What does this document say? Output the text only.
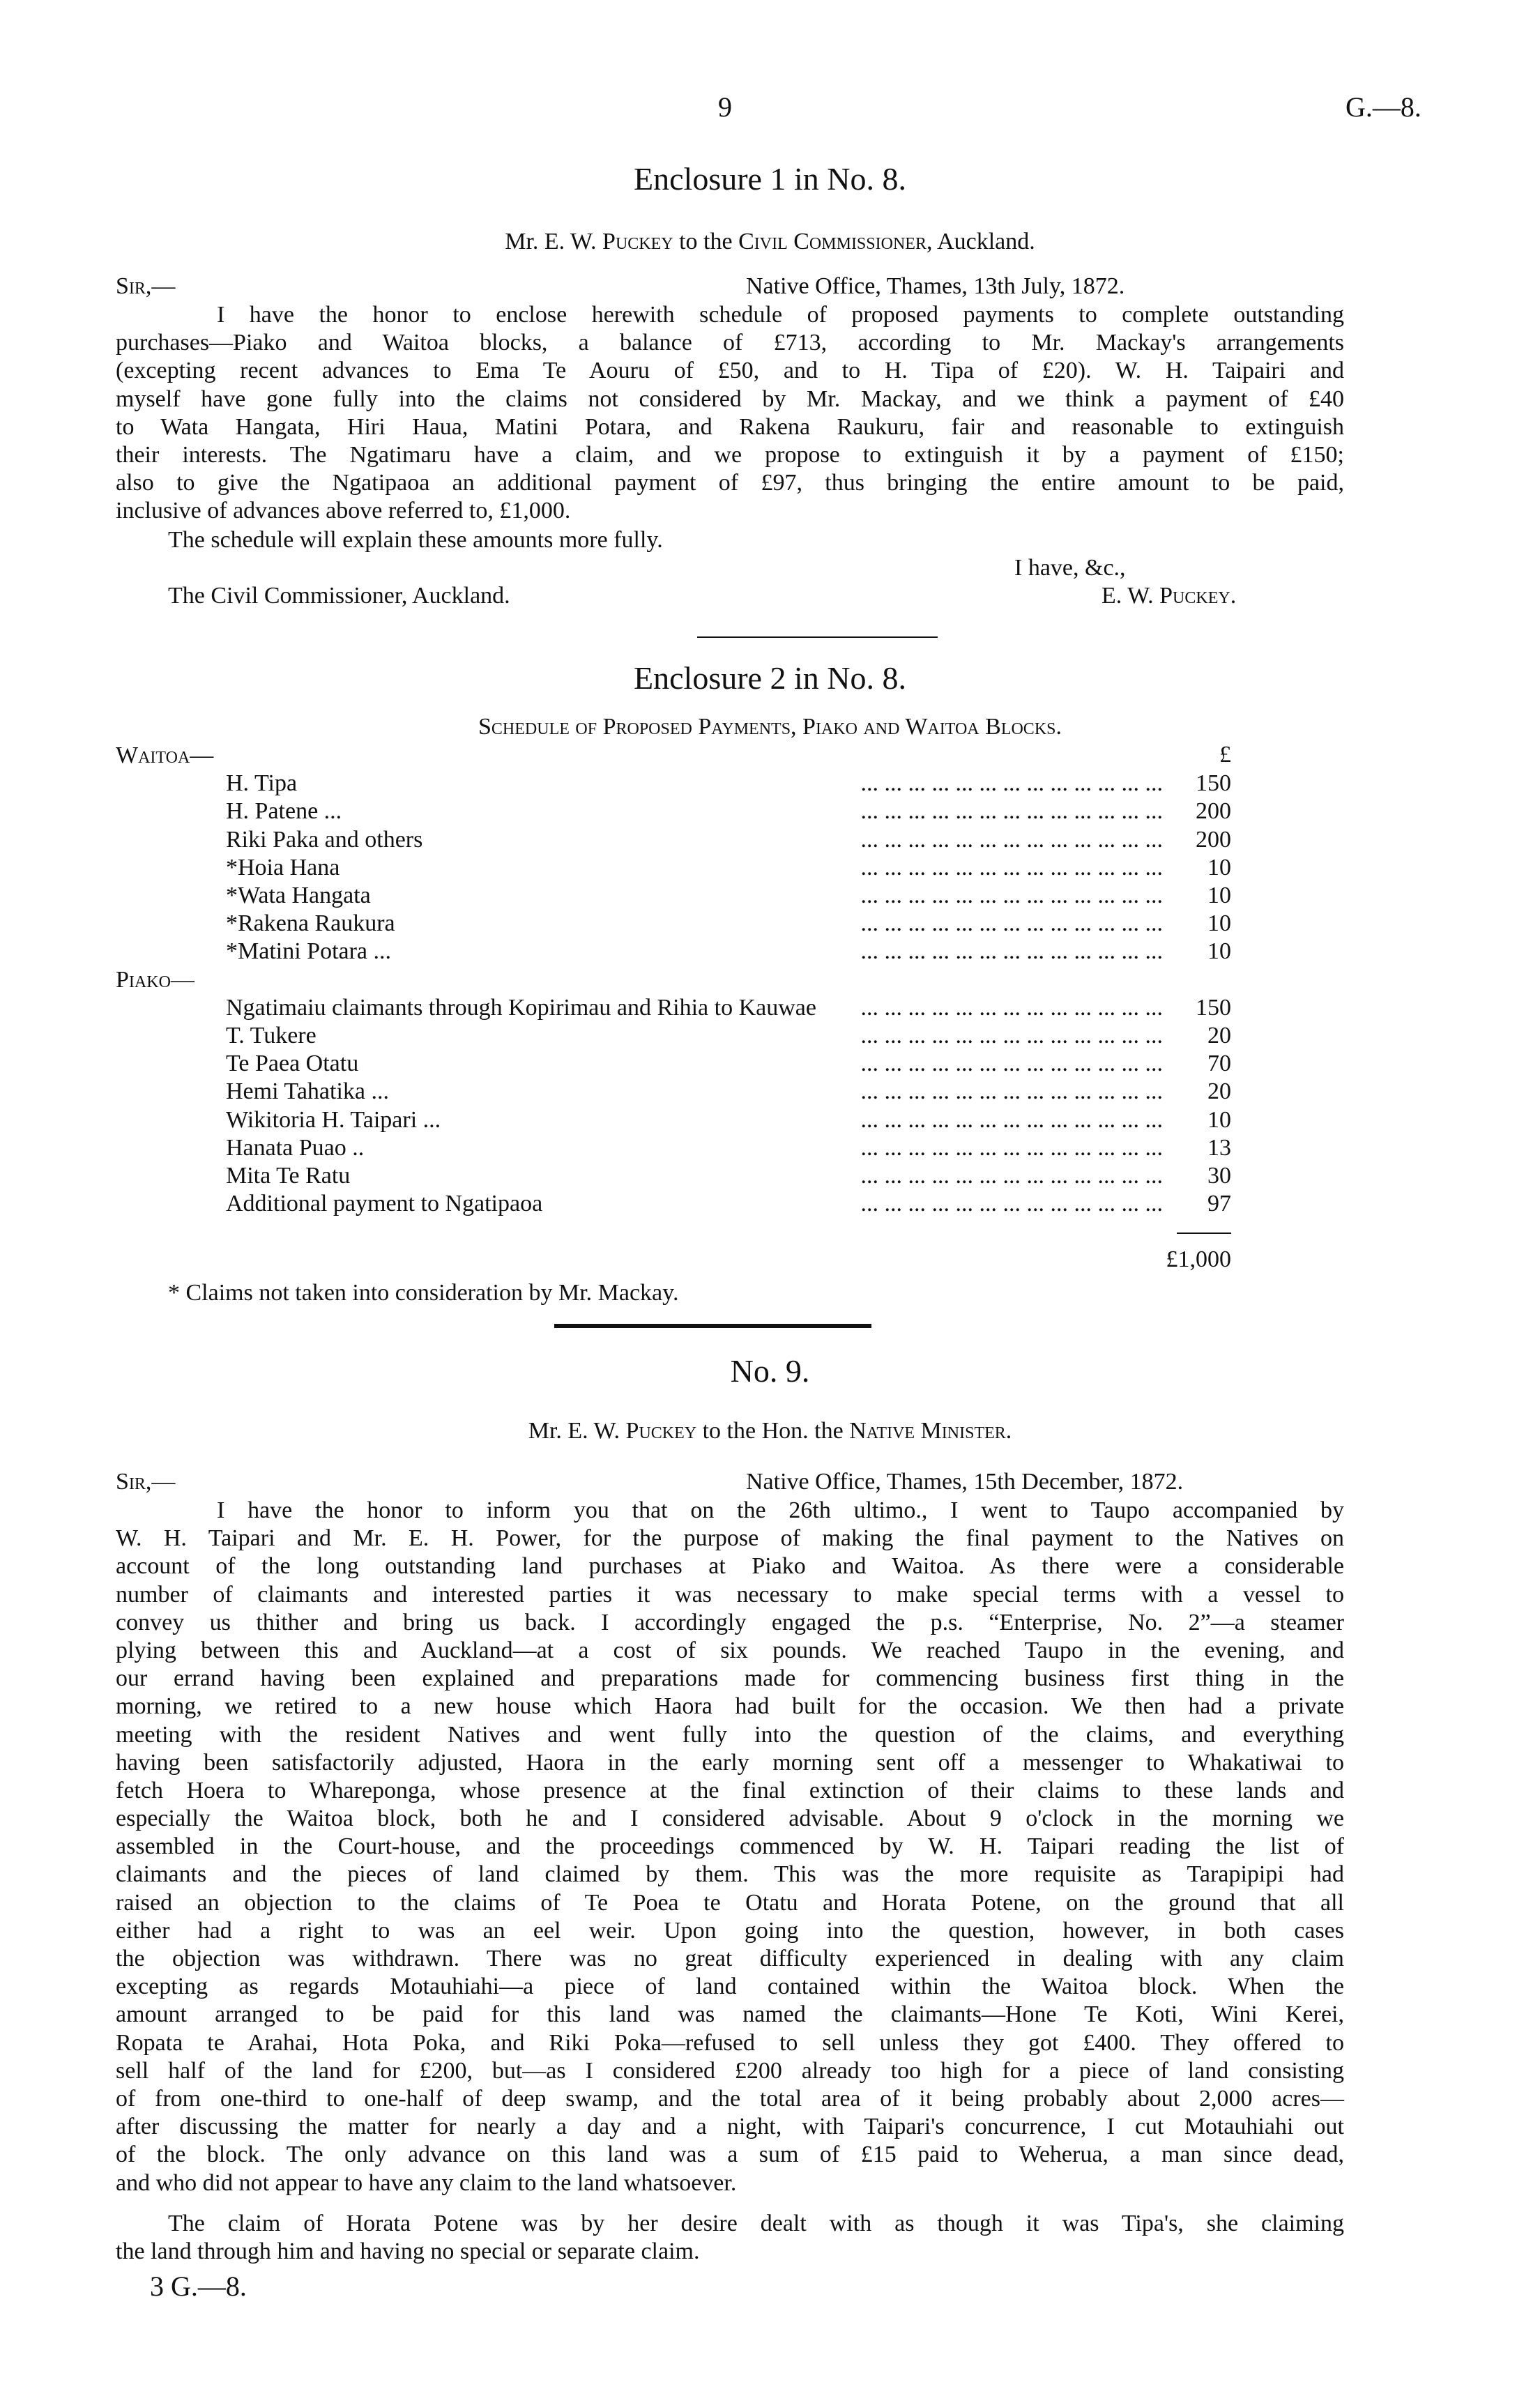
9	G.—8.
Enclosure 1 in No. 8.
Mr. E. W. Puckey to the Civil Commissioner, Auckland.
Sir,—	Native Office, Thames, 13th July, 1872.
I have the honor to enclose herewith schedule of proposed payments to complete outstanding
purchases—Piako and Waitoa blocks, a balance of £713, according to Mr. Mackay's arrangements
(excepting recent advances to Ema Te Aouru of £50, and to H. Tipa of £20). W. H. Taipairi and
myself have gone fully into the claims not considered by Mr. Mackay, and we think a payment of £40
to Wata Hangata, Hiri Haua, Matini Potara, and Rakena Raukuru, fair and reasonable to extinguish
their interests. The Ngatimaru have a claim, and we propose to extinguish it by a payment of £150;
also to give the Ngatipaoa an additional payment of £97, thus bringing the entire amount to be paid,
inclusive of advances above referred to, £1,000.
The schedule will explain these amounts more fully.
I have, &c.,
The Civil Commissioner, Auckland.	E. W. Puckey.
Enclosure 2 in No. 8.
Schedule of Proposed Payments, Piako and Waitoa Blocks.
£
Waitoa—
H. Tipa	... ... ... ... ... ... ... ... ... ... ... ... ...	150
H. Patene ...	... ... ... ... ... ... ... ... ... ... ... ... ...	200
Riki Paka and others	... ... ... ... ... ... ... ... ... ... ... ... ...	200
*Hoia Hana	... ... ... ... ... ... ... ... ... ... ... ... ...	10
*Wata Hangata	... ... ... ... ... ... ... ... ... ... ... ... ...	10
*Rakena Raukura	... ... ... ... ... ... ... ... ... ... ... ... ...	10
*Matini Potara ...	... ... ... ... ... ... ... ... ... ... ... ... ...	10
Piako—
Ngatimaiu claimants through Kopirimau and Rihia to Kauwae	... ... ... ... ... ... ... ... ... ... ... ... ...	150
T. Tukere	... ... ... ... ... ... ... ... ... ... ... ... ...	20
Te Paea Otatu	... ... ... ... ... ... ... ... ... ... ... ... ...	70
Hemi Tahatika ...	... ... ... ... ... ... ... ... ... ... ... ... ...	20
Wikitoria H. Taipari ...	... ... ... ... ... ... ... ... ... ... ... ... ...	10
Hanata Puao ..	... ... ... ... ... ... ... ... ... ... ... ... ...	13
Mita Te Ratu	... ... ... ... ... ... ... ... ... ... ... ... ...	30
Additional payment to Ngatipaoa	... ... ... ... ... ... ... ... ... ... ... ... ...	97
£1,000
* Claims not taken into consideration by Mr. Mackay.
No. 9.
Mr. E. W. Puckey to the Hon. the Native Minister.
Sir,—	Native Office, Thames, 15th December, 1872.
I have the honor to inform you that on the 26th ultimo., I went to Taupo accompanied by
W. H. Taipari and Mr. E. H. Power, for the purpose of making the final payment to the Natives on
account of the long outstanding land purchases at Piako and Waitoa. As there were a considerable
number of claimants and interested parties it was necessary to make special terms with a vessel to
convey us thither and bring us back. I accordingly engaged the p.s. “Enterprise, No. 2”—a steamer
plying between this and Auckland—at a cost of six pounds. We reached Taupo in the evening, and
our errand having been explained and preparations made for commencing business first thing in the
morning, we retired to a new house which Haora had built for the occasion. We then had a private
meeting with the resident Natives and went fully into the question of the claims, and everything
having been satisfactorily adjusted, Haora in the early morning sent off a messenger to Whakatiwai to
fetch Hoera to Whareponga, whose presence at the final extinction of their claims to these lands and
especially the Waitoa block, both he and I considered advisable. About 9 o'clock in the morning we
assembled in the Court-house, and the proceedings commenced by W. H. Taipari reading the list of
claimants and the pieces of land claimed by them. This was the more requisite as Tarapipipi had
raised an objection to the claims of Te Poea te Otatu and Horata Potene, on the ground that all
either had a right to was an eel weir. Upon going into the question, however, in both cases
the objection was withdrawn. There was no great difficulty experienced in dealing with any claim
excepting as regards Motauhiahi—a piece of land contained within the Waitoa block. When the
amount arranged to be paid for this land was named the claimants—Hone Te Koti, Wini Kerei,
Ropata te Arahai, Hota Poka, and Riki Poka—refused to sell unless they got £400. They offered to
sell half of the land for £200, but—as I considered £200 already too high for a piece of land consisting
of from one-third to one-half of deep swamp, and the total area of it being probably about 2,000 acres—
after discussing the matter for nearly a day and a night, with Taipari's concurrence, I cut Motauhiahi out
of the block. The only advance on this land was a sum of £15 paid to Weherua, a man since dead,
and who did not appear to have any claim to the land whatsoever.
The claim of Horata Potene was by her desire dealt with as though it was Tipa's, she claiming
the land through him and having no special or separate claim.
3 G.—8.
